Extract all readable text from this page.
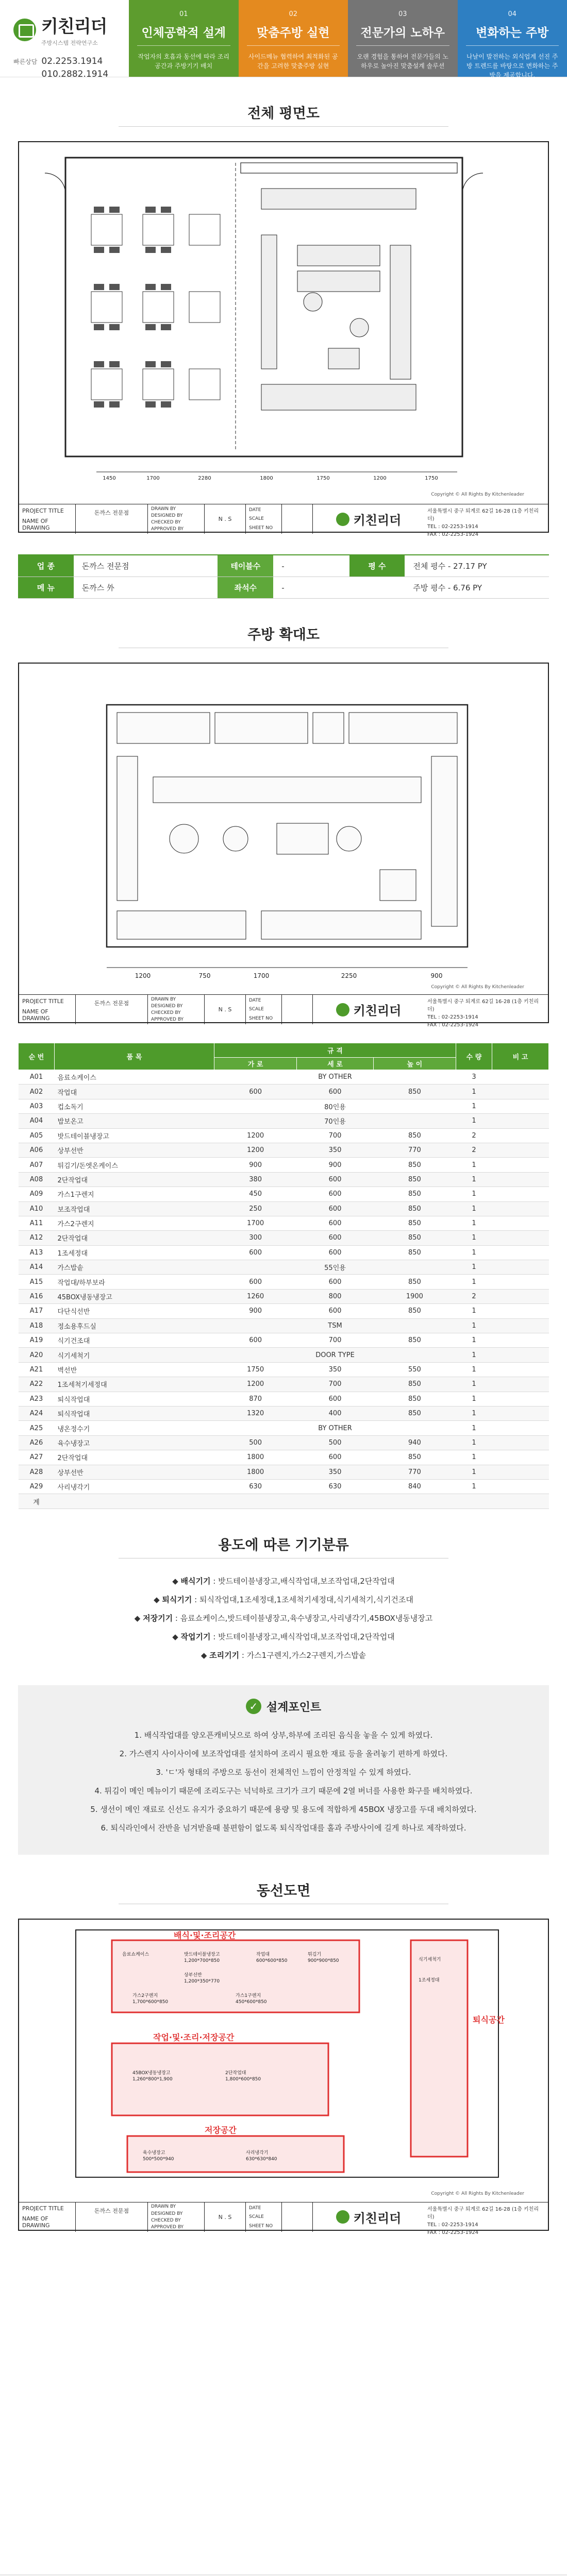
키친리더
주방시스템 전략연구소
빠른상담 02.2253.1914
010.2882.1914
01
인체공학적 설계
작업자의 호흡과 동선에 따라 조리공간과 주방기기 배치
02
맞춤주방 실현
사이드메뉴 협력하여 최적화된 공간을 고려한 맞춤주방 실현
03
전문가의 노하우
오랜 경험을 통하여 전문가들의 노하우로 높아진 맞춤설계 솔루션
04
변화하는 주방
나날이 발전하는 외식업계 선진 주방 트렌드를 바탕으로 변화하는 주방을 제공합니다.
전체 평면도
1450	1700	2280	1800	1750	1200	1750
Copyright © All Rights By Kitchenleader
PROJECT TITLE
NAME OF DRAWING
돈까스 전문점

DRAWN BY
DESIGNED BY
CHECKED BY
APPROVED BY
N . S
DATE
SCALE
SHEET NO
키친리더
서울특별시 중구 퇴계로 62길 16-28 (1층 키친리더)
TEL : 02-2253-1914
FAX : 02-2253-1924
업 종	돈까스 전문점	테이블수	-	평 수	전체 평수 - 27.17 PY
메 뉴	돈까스 外	좌석수	-	주방 평수 - 6.76 PY
주방 확대도
1200	750	1700	2250	900
Copyright © All Rights By Kitchenleader
PROJECT TITLE
NAME OF DRAWING
돈까스 전문점

DRAWN BY
DESIGNED BY
CHECKED BY
APPROVED BY
N . S
DATE
SCALE
SHEET NO
키친리더
서울특별시 중구 퇴계로 62길 16-28 (1층 키친리더)
TEL : 02-2253-1914
FAX : 02-2253-1924
순 번	품 목	규 격			수 량	비 고
		가 로	세 로	높 이		
A01	음료쇼케이스	BY OTHER			3	
A02	작업대	600	600	850	1	
A03	컵소독기	80인용			1	
A04	밥보온고	70인용			1	
A05	밧드테이블냉장고	1200	700	850	2	
A06	상부선반	1200	350	770	2	
A07	튀김기/돈엣온케이스	900	900	850	1	
A08	2단작업대	380	600	850	1	
A09	가스1구렌지	450	600	850	1	
A10	보조작업대	250	600	850	1	
A11	가스2구렌지	1700	600	850	1	
A12	2단작업대	300	600	850	1	
A13	1조세정대	600	600	850	1	
A14	가스밥솥	55인용			1	
A15	작업대/하부보라	600	600	850	1	
A16	45BOX냉동냉장고	1260	800	1900	2	
A17	다단식선반	900	600	850	1	
A18	정소용후드실	TSM			1	
A19	식기건조대	600	700	850	1	
A20	식기세척기	DOOR TYPE			1	
A21	벽선반	1750	350	550	1	
A22	1조세척기세정대	1200	700	850	1	
A23	퇴식작업대	870	600	850	1	
A24	퇴식작업대	1320	400	850	1	
A25	냉온정수기	BY OTHER			1	
A26	육수냉장고	500	500	940	1	
A27	2단작업대	1800	600	850	1	
A28	상부선반	1800	350	770	1	
A29	사리냉각기	630	630	840	1	
계						
용도에 따른 기기분류
◆ 배식기기 : 밧드테이블냉장고,배식작업대,보조작업대,2단작업대
◆ 퇴식기기 : 퇴식작업대,1조세정대,1조세척기세정대,식기세척기,식기건조대
◆ 저장기기 : 음료쇼케이스,밧드테이블냉장고,육수냉장고,사리냉각기,45BOX냉동냉장고
◆ 작업기기 : 밧드테이블냉장고,배식작업대,보조작업대,2단작업대
◆ 조리기기 : 가스1구렌지,가스2구렌지,가스밥솥
✓ 설계포인트
1. 배식작업대를 양오픈캐비닛으로 하여 상부,하부에 조리된 음식을 놓을 수 있게 하였다.
2. 가스렌지 사이사이에 보조작업대를 설치하여 조리시 필요한 재료 등을 올려놓기 편하게 하였다.
3. 'ㄷ'자 형태의 주방으로 동선이 전체적인 느낌이 안정적일 수 있게 하였다.
4. 튀김이 메인 메뉴이기 때문에 조리도구는 넉넉하로 크기가 크기 때문에 2열 버너를 사용한 화구를 배치하였다.
5. 생선이 메인 재료로 신선도 유지가 중요하기 때문에 용량 및 용도에 적합하게 45BOX 냉장고를 두대 배치하였다.
6. 퇴식라인에서 잔반을 넘겨받을때 불편함이 없도록 퇴식작업대를 홀과 주방사이에 길게 하나로 제작하였다.
동선도면
배식·및·조리공간
작업·및·조리·저장공간
저장공간
퇴식공간
음료쇼케이스	밧드테이블냉장고
1,200*700*850
상부선반
1,200*350*770
작업대
600*600*850
튀김기
900*900*850
가스2구렌지
1,700*600*850
가스1구렌지
450*600*850
45BOX냉동냉장고
1,260*800*1,900
2단작업대
1,800*600*850
식기세척기
1조세정대
육수냉장고
500*500*940
사리냉각기
630*630*840
Copyright © All Rights By Kitchenleader
PROJECT TITLE
NAME OF DRAWING
돈까스 전문점

DRAWN BY
DESIGNED BY
CHECKED BY
APPROVED BY
N . S
DATE
SCALE
SHEET NO
키친리더
서울특별시 중구 퇴계로 62길 16-28 (1층 키친리더)
TEL : 02-2253-1914
FAX : 02-2253-1924
